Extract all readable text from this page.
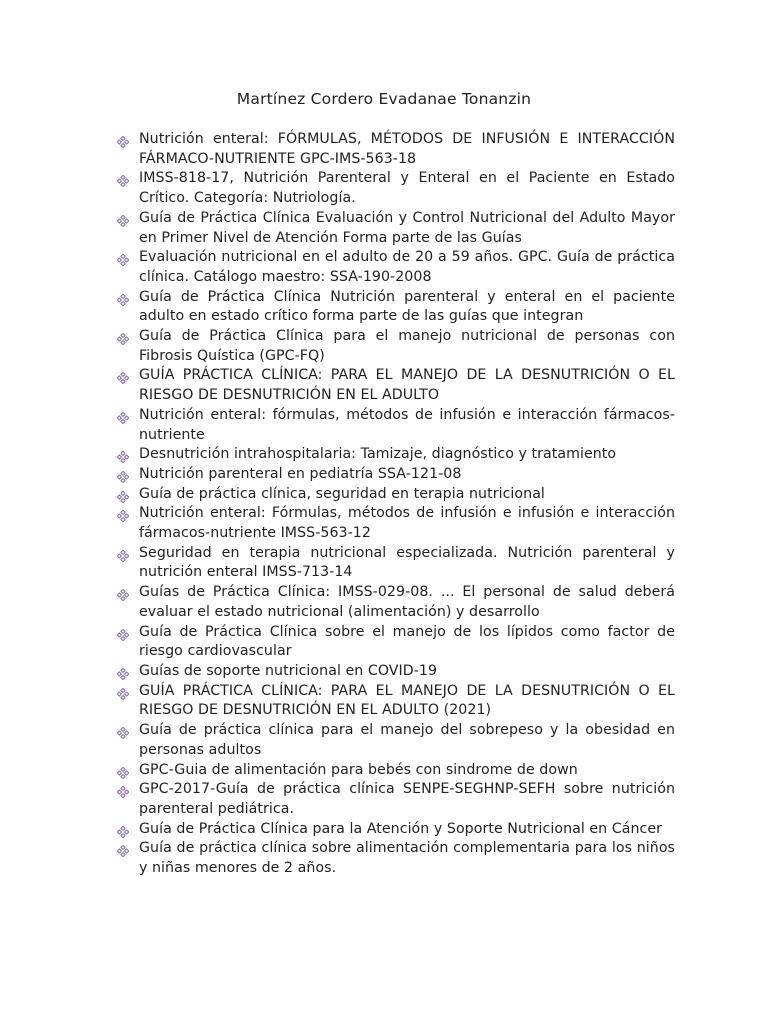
Martínez Cordero Evadanae Tonanzin
Nutrición enteral: FÓRMULAS, MÉTODOS DE INFUSIÓN E INTERACCIÓN FÁRMACO-NUTRIENTE GPC-IMS-563-18
IMSS-818-17, Nutrición Parenteral y Enteral en el Paciente en Estado Crítico. Categoría: Nutriología.
Guía de Práctica Clínica Evaluación y Control Nutricional del Adulto Mayor en Primer Nivel de Atención Forma parte de las Guías
Evaluación nutricional en el adulto de 20 a 59 años. GPC. Guía de práctica clínica. Catálogo maestro: SSA-190-2008
Guía de Práctica Clínica Nutrición parenteral y enteral en el paciente adulto en estado crítico forma parte de las guías que integran
Guía de Práctica Clínica para el manejo nutricional de personas con Fibrosis Quística (GPC-FQ)
GUÍA PRÁCTICA CLÍNICA: PARA EL MANEJO DE LA DESNUTRICIÓN O EL RIESGO DE DESNUTRICIÓN EN EL ADULTO
Nutrición enteral: fórmulas, métodos de infusión e interacción fármacos-nutriente
Desnutrición intrahospitalaria: Tamizaje, diagnóstico y tratamiento
Nutrición parenteral en pediatría SSA-121-08
Guía de práctica clínica, seguridad en terapia nutricional
Nutrición enteral: Fórmulas, métodos de infusión e infusión e interacción fármacos-nutriente IMSS-563-12
Seguridad en terapia nutricional especializada. Nutrición parenteral y nutrición enteral IMSS-713-14
Guías de Práctica Clínica: IMSS-029-08. ... El personal de salud deberá evaluar el estado nutricional (alimentación) y desarrollo
Guía de Práctica Clínica sobre el manejo de los lípidos como factor de riesgo cardiovascular
Guías de soporte nutricional en COVID-19
GUÍA PRÁCTICA CLÍNICA: PARA EL MANEJO DE LA DESNUTRICIÓN O EL RIESGO DE DESNUTRICIÓN EN EL ADULTO (2021)
Guía de práctica clínica para el manejo del sobrepeso y la obesidad en personas adultos
GPC-Guia de alimentación para bebés con sindrome de down
GPC-2017-Guía de práctica clínica SENPE-SEGHNP-SEFH sobre nutrición parenteral pediátrica.
Guía de Práctica Clínica para la Atención y Soporte Nutricional en Cáncer
Guía de práctica clínica sobre alimentación complementaria para los niños y niñas menores de 2 años.
